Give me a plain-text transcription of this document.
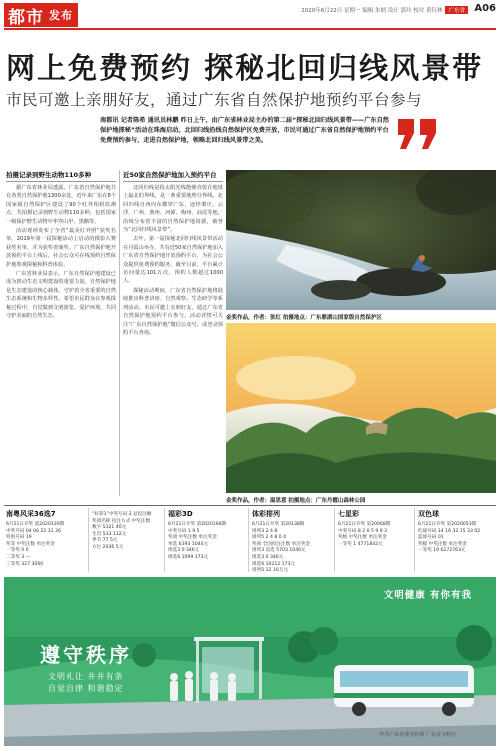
都市 发布	2020年6月22日 星期一 编辑 朱炳 设计 郭玲 校对 黄钰林 广东省 A06
网上免费预约 探秘北回归线风景带
市民可邀上亲朋好友，通过广东省自然保护地预约平台参与
南都讯 记者陈希 通讯员林鹏 昨日上午，由广东省林业局主办的第二届“探秘北回归线风景带——广东自然保护地探秘”活动在珠海启动。北回归线沿线自然保护区免费开放，市民可通过广东省自然保护地预约平台免费预约参与，走进自然保护地，领略北回归线风景带之美。
拍摄记录到野生动物110多种

据广东省林业局透露，广东省自然保护地共有各类自然保护地1300余处，近年来广东在8个国家级自然保护区建设了90个红外相机监测点，共拍摄记录到野生动物110多种，包括国家一级保护野生动物中华穿山甲、黑鹳等。

活动现场发布了全省“最美红外照”获奖名单。2019年第一届探秘活动上启动的摄影大赛获奖名单，并为获奖者颁奖。广东自然保护地开放预约平台上线后，社会公众可在线预约自然保护地参观探秘和科普体验。

广东省林业局表示，广东自然保护地建设已成为推动生态文明建设的重要力量。自然保护地是生态建设的核心载体，守护着全省重要的自然生态系统和生物多样性。希望市民群众在参观探秘过程中，自觉做到文明游览、爱护环境，共同守护美丽的自然生态。

近50家自然保护地加入预约平台

北回归线是指太阳光线能够直射在地球上最北的界线，是一条重要地理分界线。北回归线自西向东横穿广东，途经肇庆、云浮、广州、惠州、河源、梅州、汕尾等地，沿线分布着丰富的自然保护地资源，被誉为“北回归线风景带”。

去年，第一届探秘北回归线风景带活动在丹霞山举办，共有近50家自然保护地加入广东省自然保护地开放预约平台，为社会公众提供免费预约服务。截至目前，平台累计访问量达101万次，预约人数超过1000人。

探秘活动期间，广东省自然保护地将陆续推出科普讲座、自然观察、生态研学等系列活动。市民可邀上亲朋好友，通过广东省自然保护地预约平台参与。活动详情可关注“广东自然保护地”微信公众号，或登录预约平台查询。

金奖作品，作者：张红 拍摄地点：广东鼎湖山国家级自然保护区
金奖作品，作者：温思意 拍摄地点：广东丹霞山森林公园
南粤风采36选7
6月21日开奖 第2020139期
中奖号码 04 06 22 31 36
特别号码 19
奖等 中奖注数 单注奖金
一等奖 0 0
二等奖 3 ---
三等奖 327 3060
“好彩1”中奖号码 2 总投注额
奖项名称 投注方式 中奖注数
数字 5321 40元
生肖 533 132元
季节 77 5元
方位 2036 5元
福彩3D
6月21日开奖 第2020168期
中奖号码 1 9 5
奖项 中奖注数 单注奖金
单选 6393 1040元
组选3 0 346元
组选6 1099 173元
体彩排列
6月21日开奖 第20138期
排列3 2 4 8
排列5 2 4 8 0 4
奖项 全国投注注数 单注奖金
排列3 直选 5703 1040元
组选3 0 346元
组选6 10212 173元
排列5 12 10万元
七星彩
6月21日开奖 第20068期
中奖号码 8 2 0 5 9 9 3
奖级 中奖注数 单注奖金
一等奖 1 4771842元
双色球
6月21日开奖 第2020053期
红球号码 14 16 32 15 33 02
蓝球号码 01
奖级 中奖注数 单注奖金
一等奖 19 6272763元
文明健康 有你有我
遵守秩序
文明礼让 井井有条
自觉自律 和谐稳定
中共广东省委宣传部 广东省文明办
